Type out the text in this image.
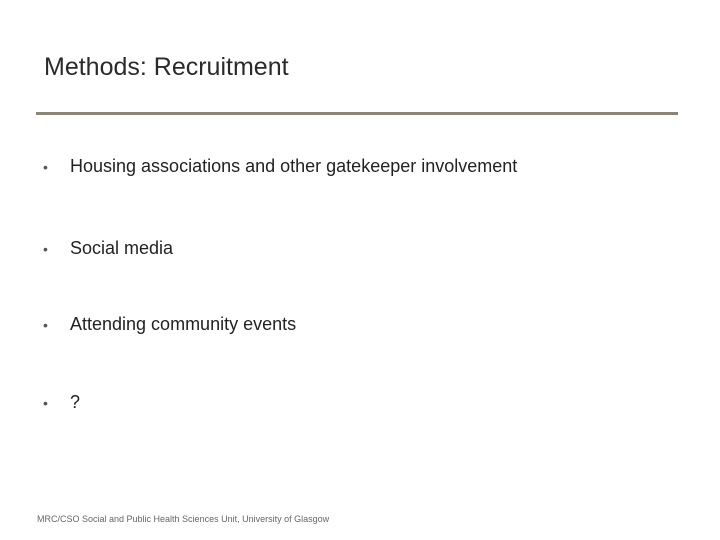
Methods: Recruitment
•	Housing associations and other gatekeeper involvement
•	Social media
•	Attending community events
•	?
MRC/CSO Social and Public Health Sciences Unit, University of Glasgow
